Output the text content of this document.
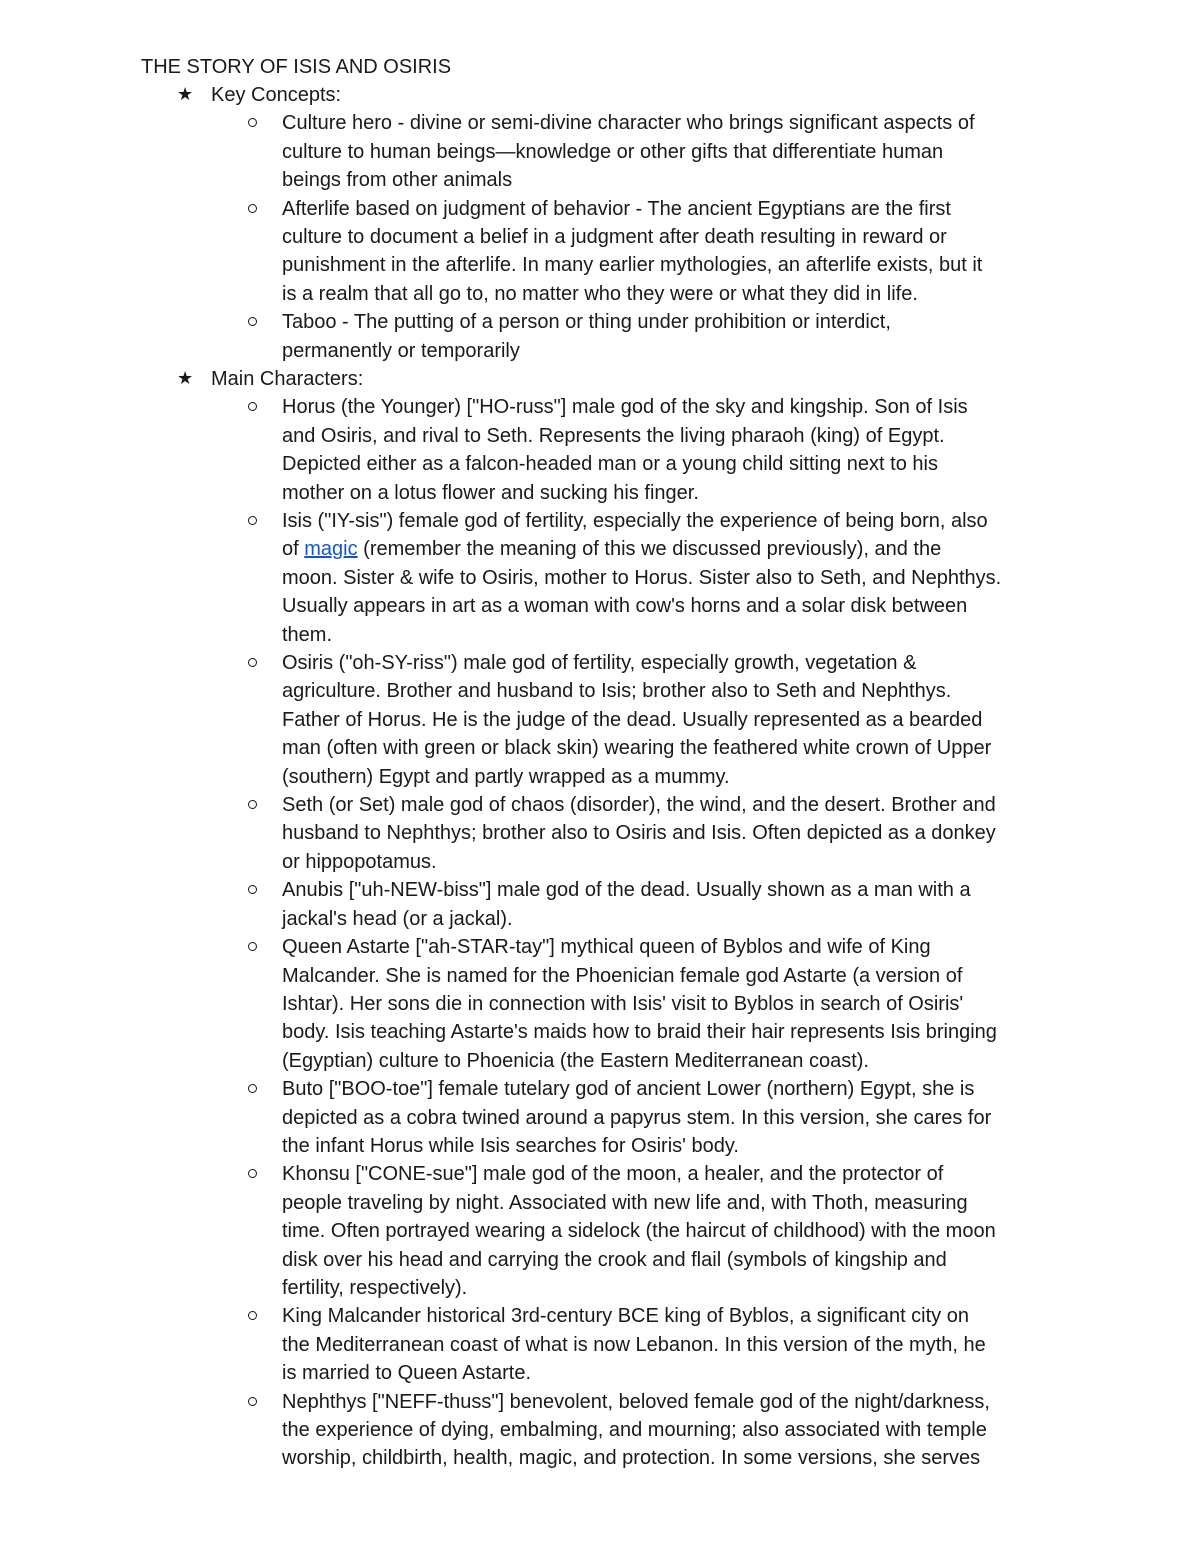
THE STORY OF ISIS AND OSIRIS
★ Key Concepts:
Culture hero - divine or semi-divine character who brings significant aspects of
culture to human beings—knowledge or other gifts that differentiate human
beings from other animals
Afterlife based on judgment of behavior - The ancient Egyptians are the first
culture to document a belief in a judgment after death resulting in reward or
punishment in the afterlife. In many earlier mythologies, an afterlife exists, but it
is a realm that all go to, no matter who they were or what they did in life.
Taboo - The putting of a person or thing under prohibition or interdict,
permanently or temporarily
★ Main Characters:
Horus (the Younger) ["HO-russ"] male god of the sky and kingship. Son of Isis
and Osiris, and rival to Seth. Represents the living pharaoh (king) of Egypt.
Depicted either as a falcon-headed man or a young child sitting next to his
mother on a lotus flower and sucking his finger.
Isis ("IY-sis") female god of fertility, especially the experience of being born, also
of magic (remember the meaning of this we discussed previously), and the
moon. Sister & wife to Osiris, mother to Horus. Sister also to Seth, and Nephthys.
Usually appears in art as a woman with cow's horns and a solar disk between
them.
Osiris ("oh-SY-riss") male god of fertility, especially growth, vegetation &
agriculture. Brother and husband to Isis; brother also to Seth and Nephthys.
Father of Horus. He is the judge of the dead. Usually represented as a bearded
man (often with green or black skin) wearing the feathered white crown of Upper
(southern) Egypt and partly wrapped as a mummy.
Seth (or Set) male god of chaos (disorder), the wind, and the desert. Brother and
husband to Nephthys; brother also to Osiris and Isis. Often depicted as a donkey
or hippopotamus.
Anubis ["uh-NEW-biss"] male god of the dead. Usually shown as a man with a
jackal's head (or a jackal).
Queen Astarte ["ah-STAR-tay"] mythical queen of Byblos and wife of King
Malcander. She is named for the Phoenician female god Astarte (a version of
Ishtar). Her sons die in connection with Isis' visit to Byblos in search of Osiris'
body. Isis teaching Astarte's maids how to braid their hair represents Isis bringing
(Egyptian) culture to Phoenicia (the Eastern Mediterranean coast).
Buto ["BOO-toe"] female tutelary god of ancient Lower (northern) Egypt, she is
depicted as a cobra twined around a papyrus stem. In this version, she cares for
the infant Horus while Isis searches for Osiris' body.
Khonsu ["CONE-sue"] male god of the moon, a healer, and the protector of
people traveling by night. Associated with new life and, with Thoth, measuring
time. Often portrayed wearing a sidelock (the haircut of childhood) with the moon
disk over his head and carrying the crook and flail (symbols of kingship and
fertility, respectively).
King Malcander historical 3rd-century BCE king of Byblos, a significant city on
the Mediterranean coast of what is now Lebanon. In this version of the myth, he
is married to Queen Astarte.
Nephthys ["NEFF-thuss"] benevolent, beloved female god of the night/darkness,
the experience of dying, embalming, and mourning; also associated with temple
worship, childbirth, health, magic, and protection. In some versions, she serves
